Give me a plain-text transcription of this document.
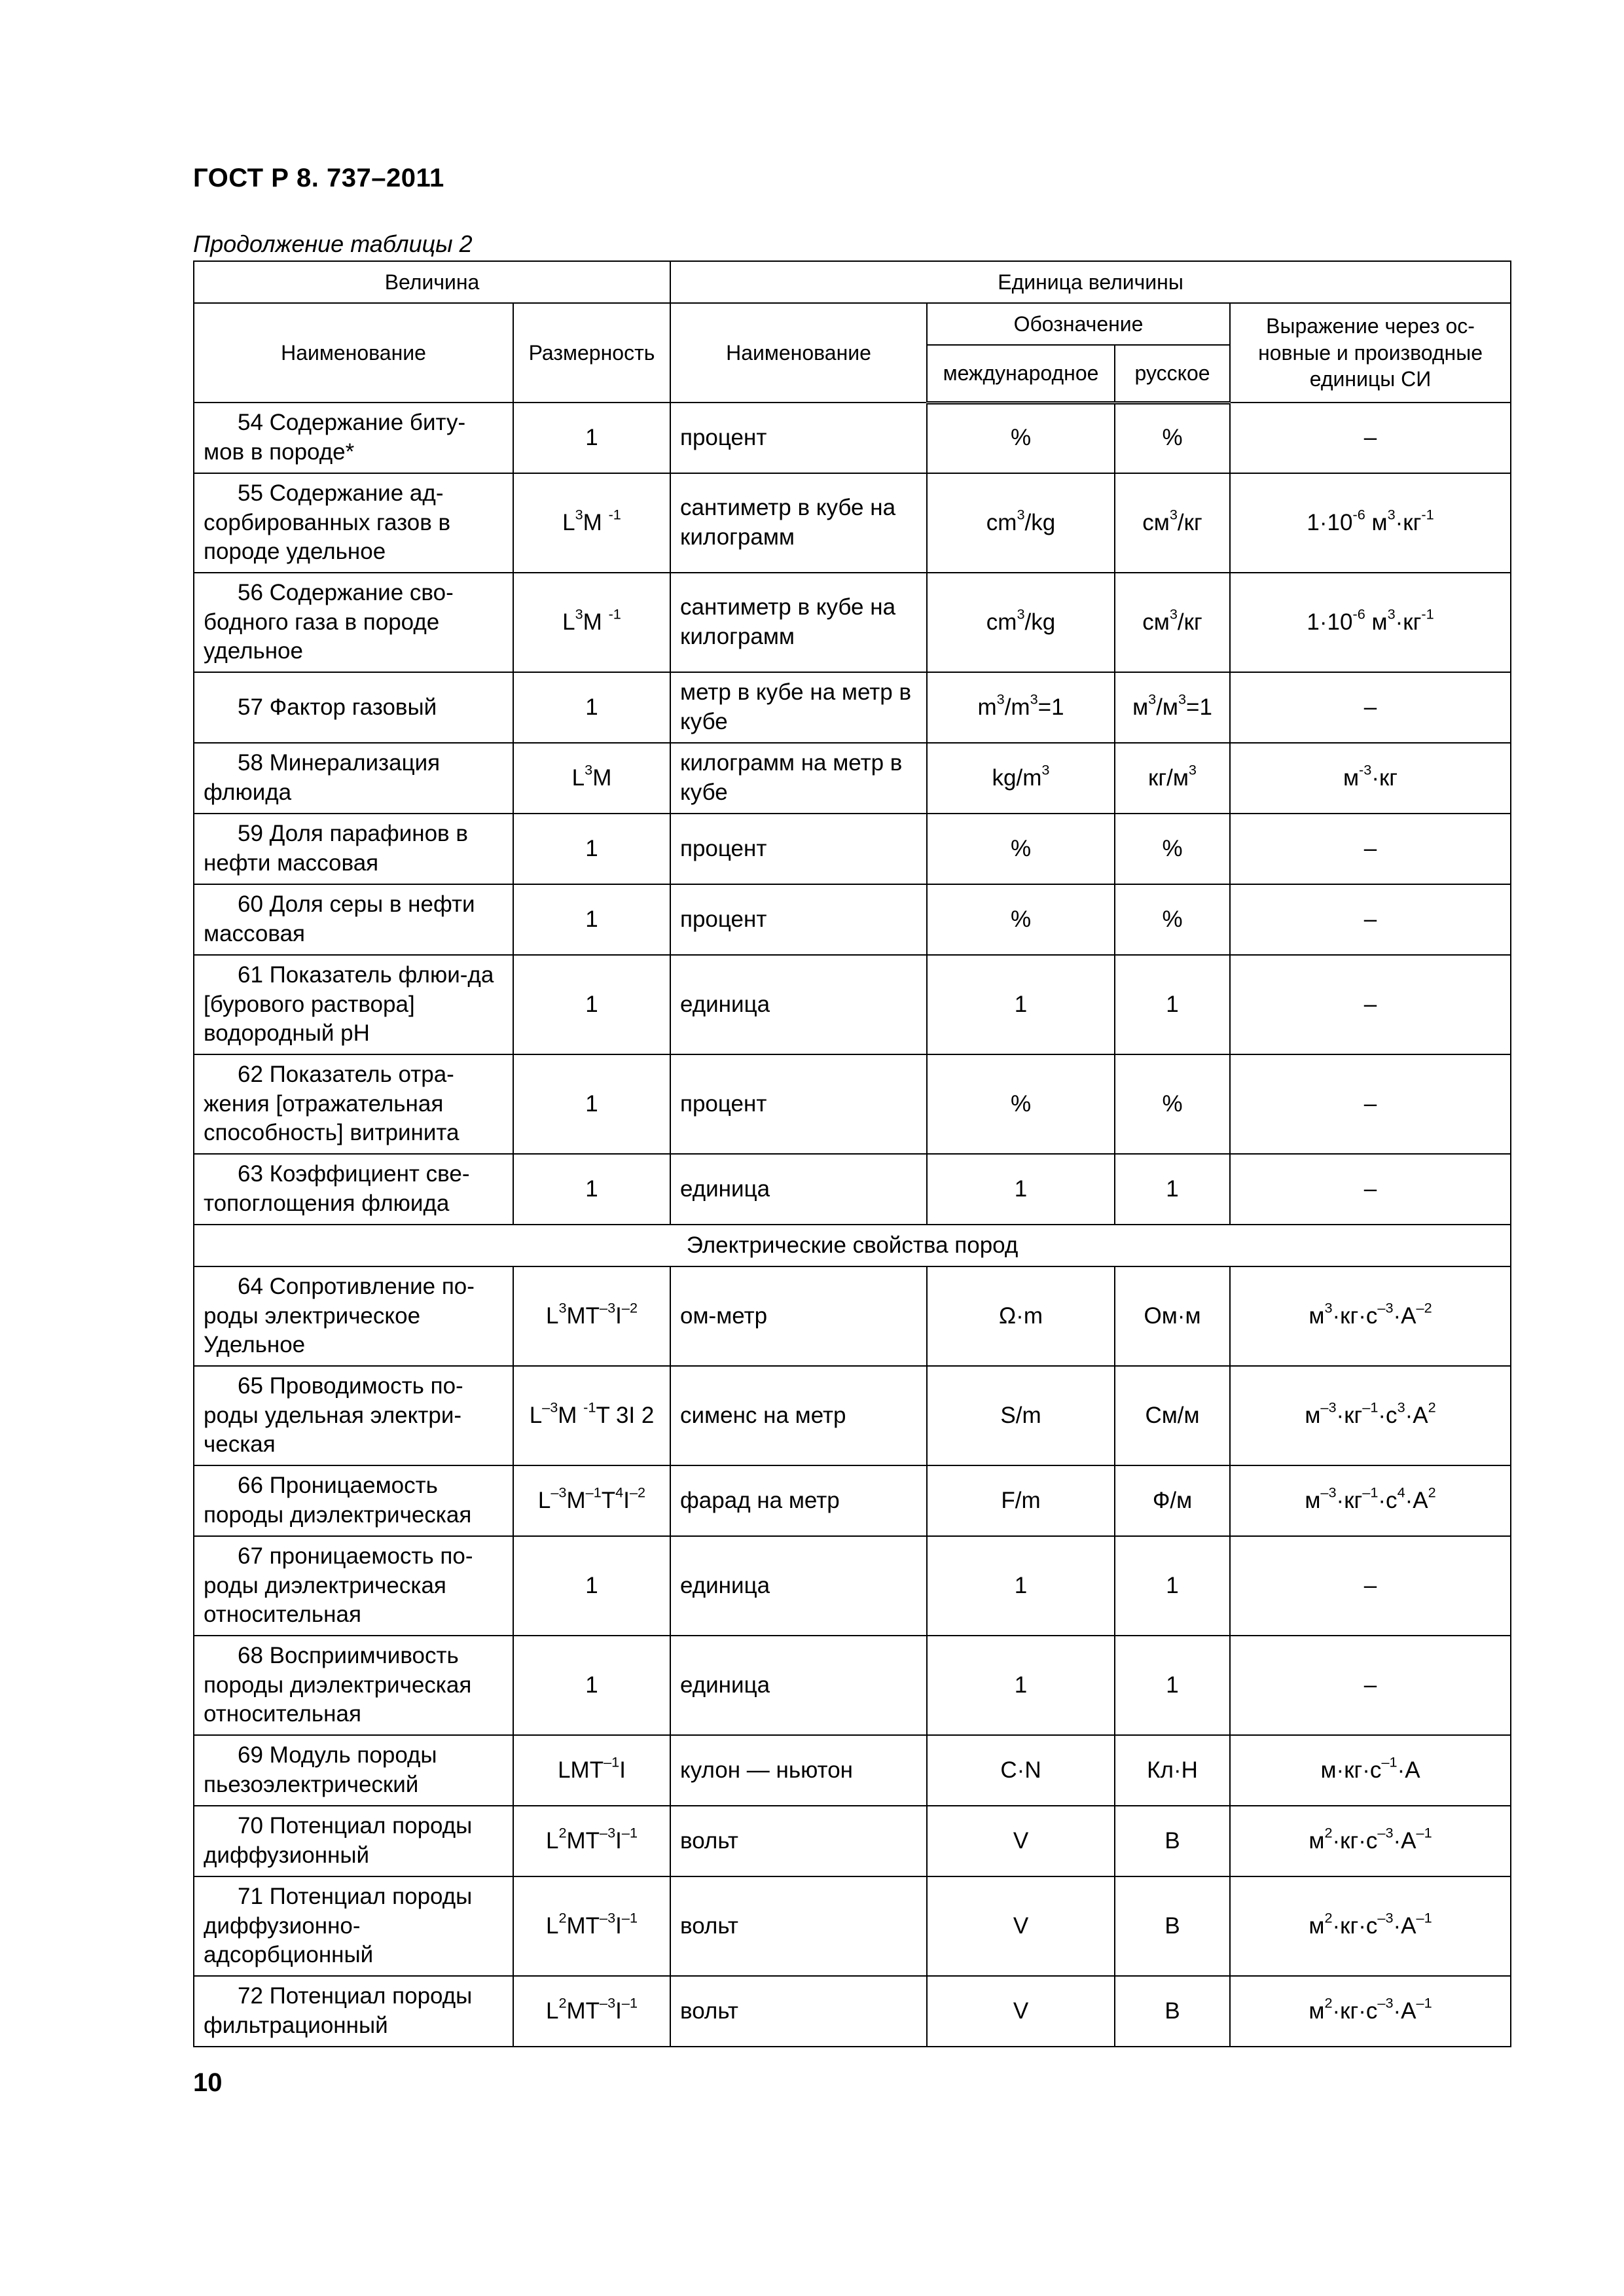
ГОСТ Р 8. 737–2011
Продолжение таблицы 2
Величина		Единица величины			
Наименование	Размерность	Наименование	Обозначение		Выражение через ос-новные и производные единицы СИ
			международное	русское	

54 Содержание биту-мов в породе*	1	процент	%	%	–

55 Содержание ад-сорбированных газов в породе удельное	$L^3M$ $^{-1}$	сантиметр в кубе на килограмм	$cm^3/kg$	$см^3/кг$	$1\cdot 10^{-6}$ $м^3\cdot кг^{-1}$

56 Содержание сво-бодного газа в породе удельное	$L^3M$ $^{-1}$	сантиметр в кубе на килограмм	$cm^3/kg$	$см^3/кг$	$1\cdot 10^{-6}$ $м^3\cdot кг^{-1}$

57 Фактор газовый	1	метр в кубе на метр в кубе	$m^3/m^3=1$	$м^3/м^3=1$	–

58 Минерализация флюида	$L^3M$	килограмм на метр в кубе	$kg/m^3$	$кг/м^3$	$м^{-3}\cdot кг$

59 Доля парафинов в нефти массовая	1	процент	%	%	–

60 Доля серы в нефти массовая	1	процент	%	%	–

61 Показатель флюи-да [бурового раствора] водородный pH	1	единица	1	1	–

62 Показатель отра-жения [отражательная способность] витринита	1	процент	%	%	–

63 Коэффициент све-топоглощения флюида	1	единица	1	1	–
Электрические свойства пород					

64 Сопротивление по-роды электрическое Удельное	$L^3MT^{-3}I^{-2}$	ом-метр	Ω·m	Ом·м	$м^3\cdot кг\cdot с^{-3}\cdot А^{-2}$

65 Проводимость по-роды удельная электри-ческая	$L^{-3}M$ $^{-1}$T 3I 2	сименс на метр	S/m	См/м	$м^{-3}\cdot кг^{-1}\cdot с^3\cdot А^2$

66 Проницаемость породы диэлектрическая	$L^{-3}M^{-1}T^4I^{-2}$	фарад на метр	F/m	Ф/м	$м^{-3}\cdot кг^{-1}\cdot с^4\cdot А^2$

67 проницаемость по-роды диэлектрическая относительная	1	единица	1	1	–

68 Восприимчивость породы диэлектрическая относительная	1	единица	1	1	–

69 Модуль породы пьезоэлектрический	$LMT^{-1}I$	кулон — ньютон	C·N	Кл·Н	$м\cdot кг\cdot с^{-1}\cdot А$

70 Потенциал породы диффузионный	$L^2MT^{-3}I^{-1}$	вольт	V	В	$м^2\cdot кг\cdot с^{-3}\cdot А^{-1}$

71 Потенциал породы диффузионно-адсорбционный	$L^2MT^{-3}I^{-1}$	вольт	V	В	$м^2\cdot кг\cdot с^{-3}\cdot А^{-1}$

72 Потенциал породы фильтрационный	$L^2MT^{-3}I^{-1}$	вольт	V	В	$м^2\cdot кг\cdot с^{-3}\cdot А^{-1}$
10
